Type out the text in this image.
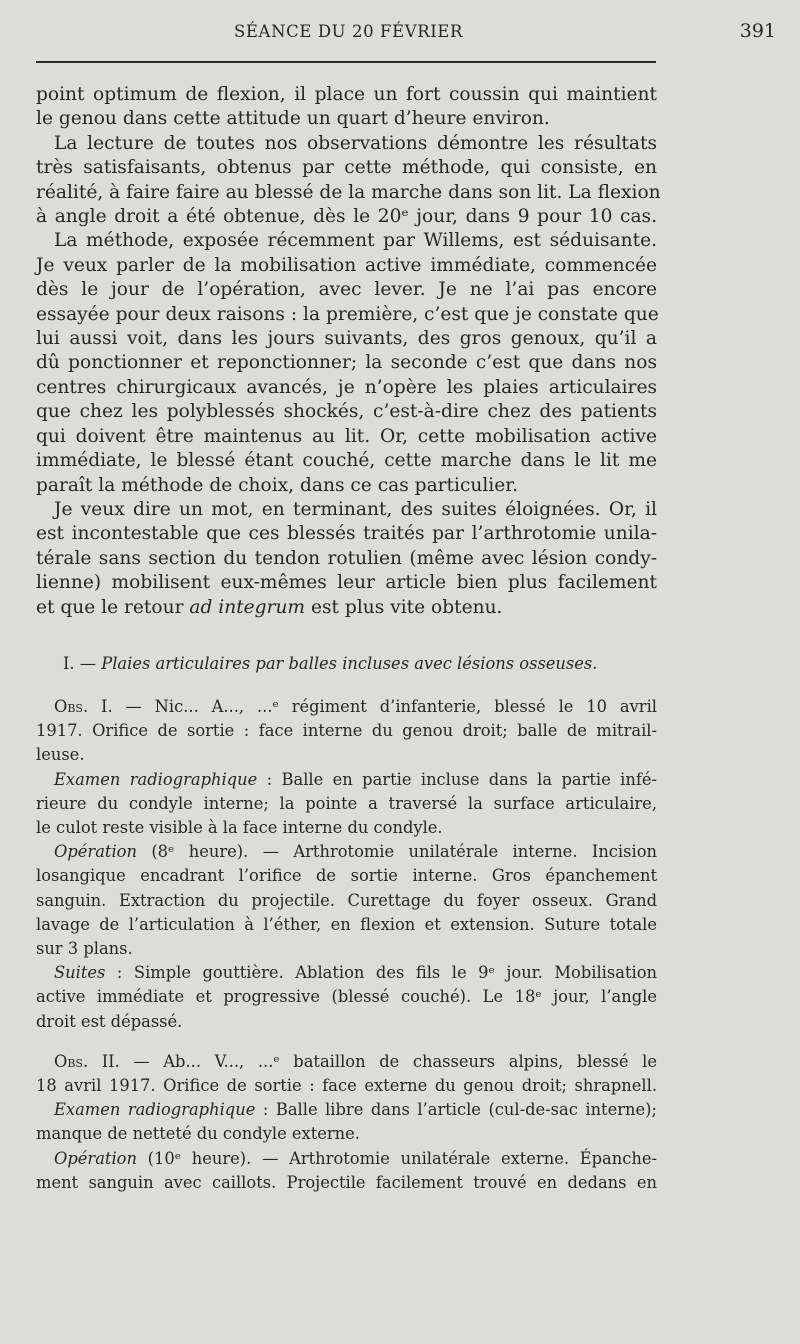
SÉANCE DU 20 FÉVRIER	391

point optimum de flexion, il place un fort coussin qui maintient
le genou dans cette attitude un quart d’heure environ.

La lecture de toutes nos observations démontre les résultats
très satisfaisants, obtenus par cette méthode, qui consiste, en
réalité, à faire faire au blessé de la marche dans son lit. La flexion
à angle droit a été obtenue, dès le 20ᵉ jour, dans 9 pour 10 cas.

La méthode, exposée récemment par Willems, est séduisante.
Je veux parler de la mobilisation active immédiate, commencée
dès le jour de l’opération, avec lever. Je ne l’ai pas encore
essayée pour deux raisons : la première, c’est que je constate que
lui aussi voit, dans les jours suivants, des gros genoux, qu’il a
dû ponctionner et reponctionner; la seconde c’est que dans nos
centres chirurgicaux avancés, je n’opère les plaies articulaires
que chez les polyblessés shockés, c’est-à-dire chez des patients
qui doivent être maintenus au lit. Or, cette mobilisation active
immédiate, le blessé étant couché, cette marche dans le lit me
paraît la méthode de choix, dans ce cas particulier.

Je veux dire un mot, en terminant, des suites éloignées. Or, il
est incontestable que ces blessés traités par l’arthrotomie unila-
térale sans section du tendon rotulien (même avec lésion condy-
lienne) mobilisent eux-mêmes leur article bien plus facilement
et que le retour ad integrum est plus vite obtenu.

I. — Plaies articulaires par balles incluses avec lésions osseuses.

Obs. I. — Nic... A..., ...ᵉ régiment d’infanterie, blessé le 10 avril
1917. Orifice de sortie : face interne du genou droit; balle de mitrail-
leuse.
Examen radiographique : Balle en partie incluse dans la partie infé-
rieure du condyle interne; la pointe a traversé la surface articulaire,
le culot reste visible à la face interne du condyle.
Opération (8ᵉ heure). — Arthrotomie unilatérale interne. Incision
losangique encadrant l’orifice de sortie interne. Gros épanchement
sanguin. Extraction du projectile. Curettage du foyer osseux. Grand
lavage de l’articulation à l’éther, en flexion et extension. Suture totale
sur 3 plans.
Suites : Simple gouttière. Ablation des fils le 9ᵉ jour. Mobilisation
active immédiate et progressive (blessé couché). Le 18ᵉ jour, l’angle
droit est dépassé.
Obs. II. — Ab... V..., ...ᵉ bataillon de chasseurs alpins, blessé le
18 avril 1917. Orifice de sortie : face externe du genou droit; shrapnell.
Examen radiographique : Balle libre dans l’article (cul-de-sac interne);
manque de netteté du condyle externe.
Opération (10ᵉ heure). — Arthrotomie unilatérale externe. Épanche-
ment sanguin avec caillots. Projectile facilement trouvé en dedans en
